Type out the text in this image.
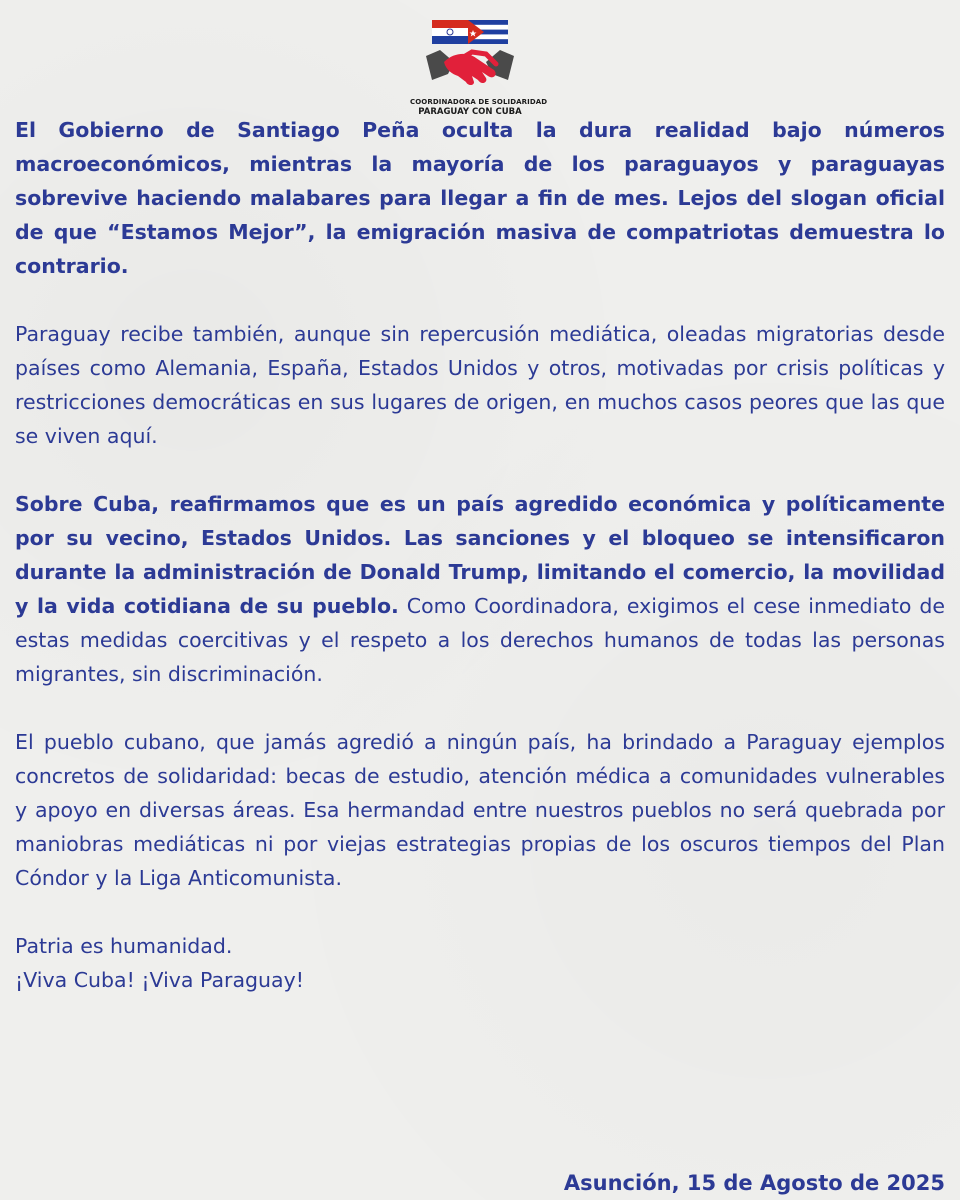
COORDINADORA DE SOLIDARIDAD
PARAGUAY CON CUBA

El Gobierno de Santiago Peña oculta la dura realidad bajo números macroeconómicos, mientras la mayoría de los paraguayos y paraguayas sobrevive haciendo malabares para llegar a fin de mes. Lejos del slogan oficial de que “Estamos Mejor”, la emigración masiva de compatriotas demuestra lo contrario.

Paraguay recibe también, aunque sin repercusión mediática, oleadas migratorias desde países como Alemania, España, Estados Unidos y otros, motivadas por crisis políticas y restricciones democráticas en sus lugares de origen, en muchos casos peores que las que se viven aquí.

Sobre Cuba, reafirmamos que es un país agredido económica y políticamente por su vecino, Estados Unidos. Las sanciones y el bloqueo se intensificaron durante la administración de Donald Trump, limitando el comercio, la movilidad y la vida cotidiana de su pueblo. Como Coordinadora, exigimos el cese inmediato de estas medidas coercitivas y el respeto a los derechos humanos de todas las personas migrantes, sin discriminación.

El pueblo cubano, que jamás agredió a ningún país, ha brindado a Paraguay ejemplos concretos de solidaridad: becas de estudio, atención médica a comunidades vulnerables y apoyo en diversas áreas. Esa hermandad entre nuestros pueblos no será quebrada por maniobras mediáticas ni por viejas estrategias propias de los oscuros tiempos del Plan Cóndor y la Liga Anticomunista.

Patria es humanidad.
¡Viva Cuba! ¡Viva Paraguay!
Asunción, 15 de Agosto de 2025
